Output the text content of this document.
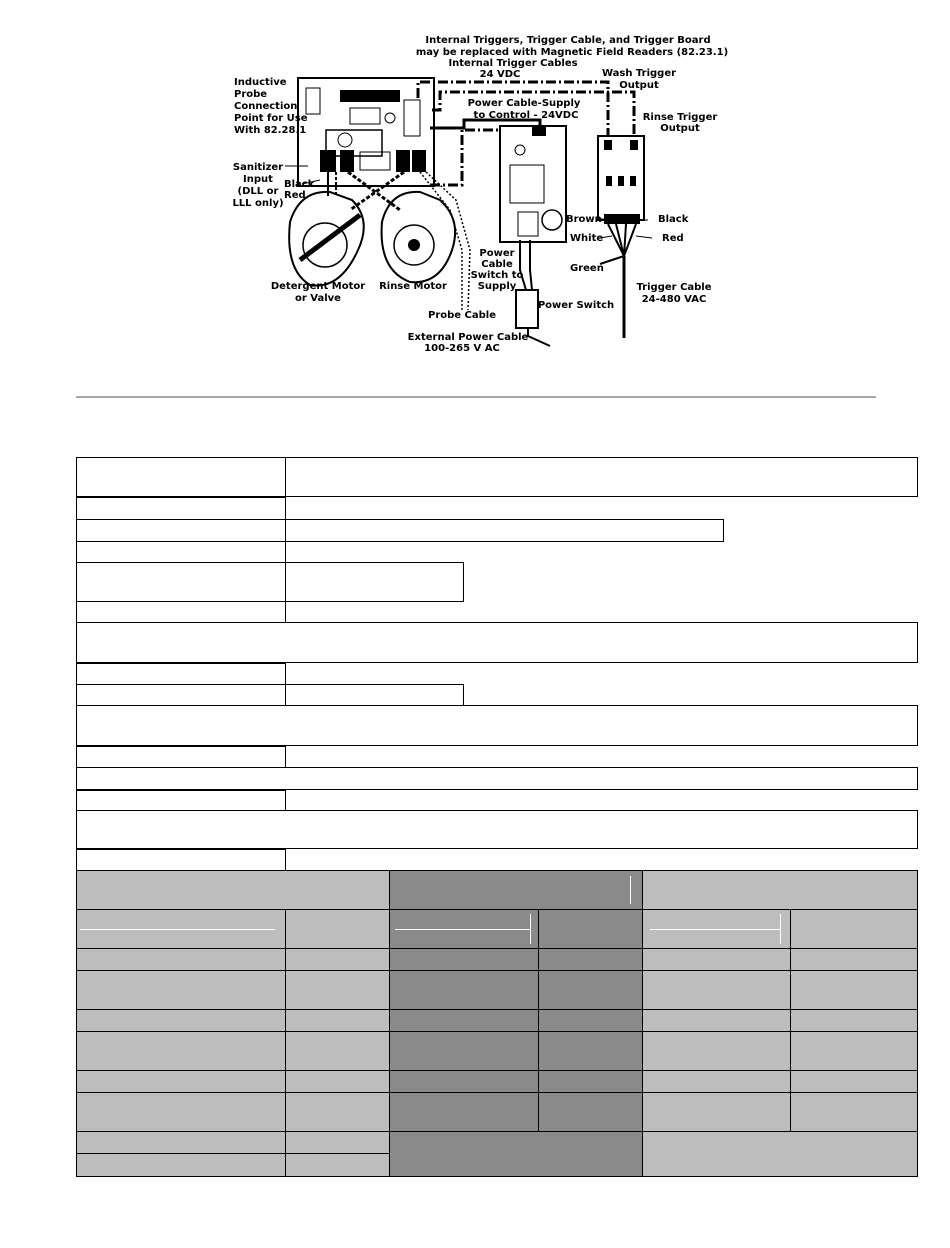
Internal Triggers, Trigger Cable, and Trigger Board
may be replaced with Magnetic Field Readers (82.23.1)
Internal Trigger Cables
24 VDC	Wash Trigger
Output
Power Cable-Supply
to Control - 24VDC	Rinse Trigger
Output
Inductive
Probe
Connection
Point for Use
With 82.28.1
Sanitizer
Input
(DLL or
LLL only)
Black
Red
Brown
White
Black
Red
Green
Power
Cable
Switch to
Supply
Detergent Motor
or Valve
Rinse Motor
Probe Cable
Power Switch
Trigger Cable
24-480 VAC
External Power Cable
100-265 V AC
